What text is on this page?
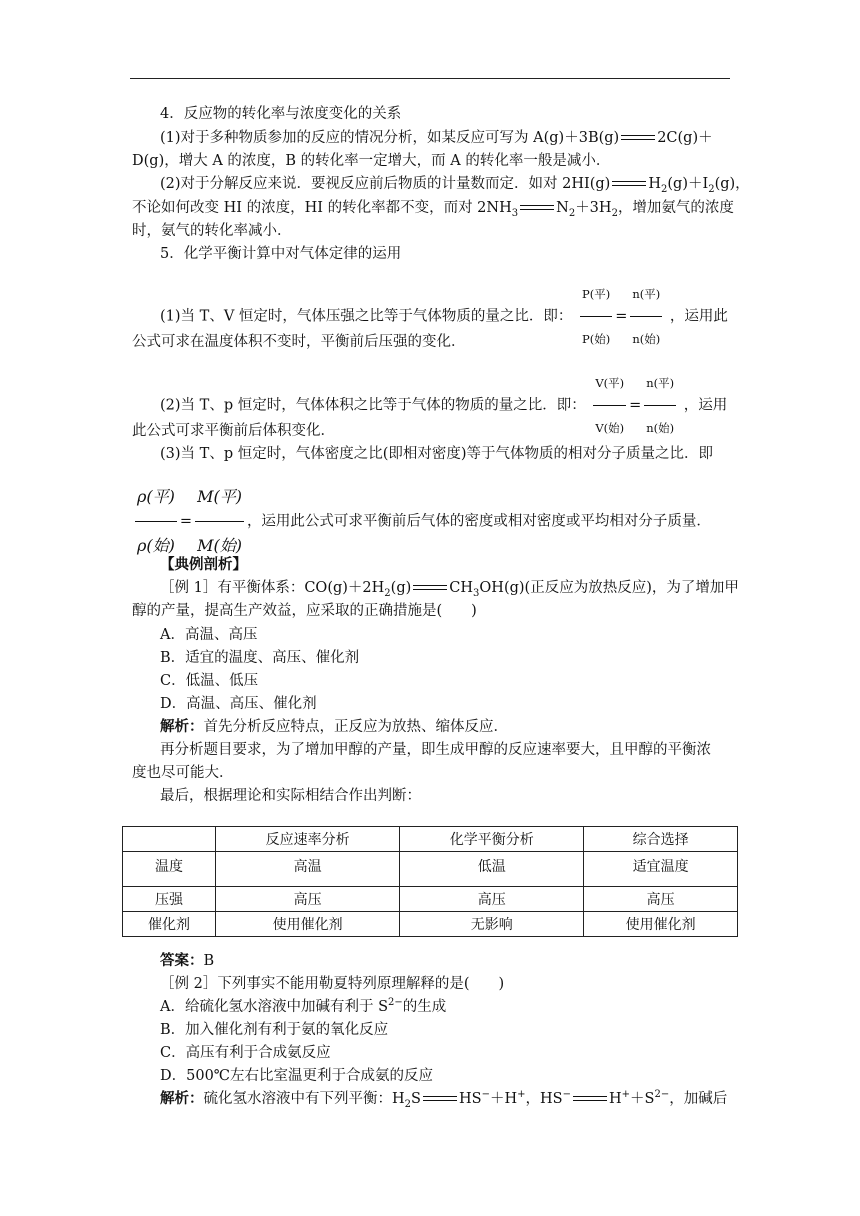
4．反应物的转化率与浓度变化的关系
(1)对于多种物质参加的反应的情况分析，如某反应可写为 A(g)＋3B(g)	2C(g)＋
D(g)，增大 A 的浓度，B 的转化率一定增大，而 A 的转化率一般是减小．
(2)对于分解反应来说．要视反应前后物质的计量数而定．如对 2HI(g)	$H_2(g)+I_2(g)$，
不论如何改变 HI 的浓度，HI 的转化率都不变，而对 $2NH_3$	$N_2+3H_2$，增加氨气的浓度
时，氨气的转化率减小．
5．化学平衡计算中对气体定律的运用
(1)当 T、V 恒定时，气体压强之比等于气体物质的量之比．即： $\frac{\text{P(平)}}{\text{P(始)}} = \frac{\text{n(平)}}{\text{n(始)}}$ ，运用此
公式可求在温度体积不变时，平衡前后压强的变化．
(2)当 T、p 恒定时，气体体积之比等于气体的物质的量之比．即： $\frac{\text{V(平)}}{\text{V(始)}} = \frac{\text{n(平)}}{\text{n(始)}}$ ，运用
此公式可求平衡前后体积变化．
(3)当 T、p 恒定时，气体密度之比(即相对密度)等于气体物质的相对分子质量之比．即
$\frac{\text{ρ(平)}}{\text{ρ(始)}} = \frac{\text{M(平)}}{\text{M(始)}}$ ，运用此公式可求平衡前后气体的密度或相对密度或平均相对分子质量．
【典例剖析】
［例 1］有平衡体系：$CO(g)+2H_2(g)$	$CH_3OH(g)$(正反应为放热反应)，为了增加甲
醇的产量，提高生产效益，应采取的正确措施是(　　)
A．高温、高压
B．适宜的温度、高压、催化剂
C．低温、低压
D．高温、高压、催化剂
解析：首先分析反应特点，正反应为放热、缩体反应．
再分析题目要求，为了增加甲醇的产量，即生成甲醇的反应速率要大，且甲醇的平衡浓
度也尽可能大．
最后，根据理论和实际相结合作出判断：
	反应速率分析	化学平衡分析	综合选择
温度	高温	低温	适宜温度
压强	高压	高压	高压
催化剂	使用催化剂	无影响	使用催化剂
答案：B
［例 2］下列事实不能用勒夏特列原理解释的是(　　)
A．给硫化氢水溶液中加碱有利于 $S^{2-}$的生成
B．加入催化剂有利于氨的氧化反应
C．高压有利于合成氨反应
D．500℃左右比室温更利于合成氨的反应
解析：硫化氢水溶液中有下列平衡：$H_2S$	HS−＋H+，HS−	$H^++S^{2-}$，加碱后
